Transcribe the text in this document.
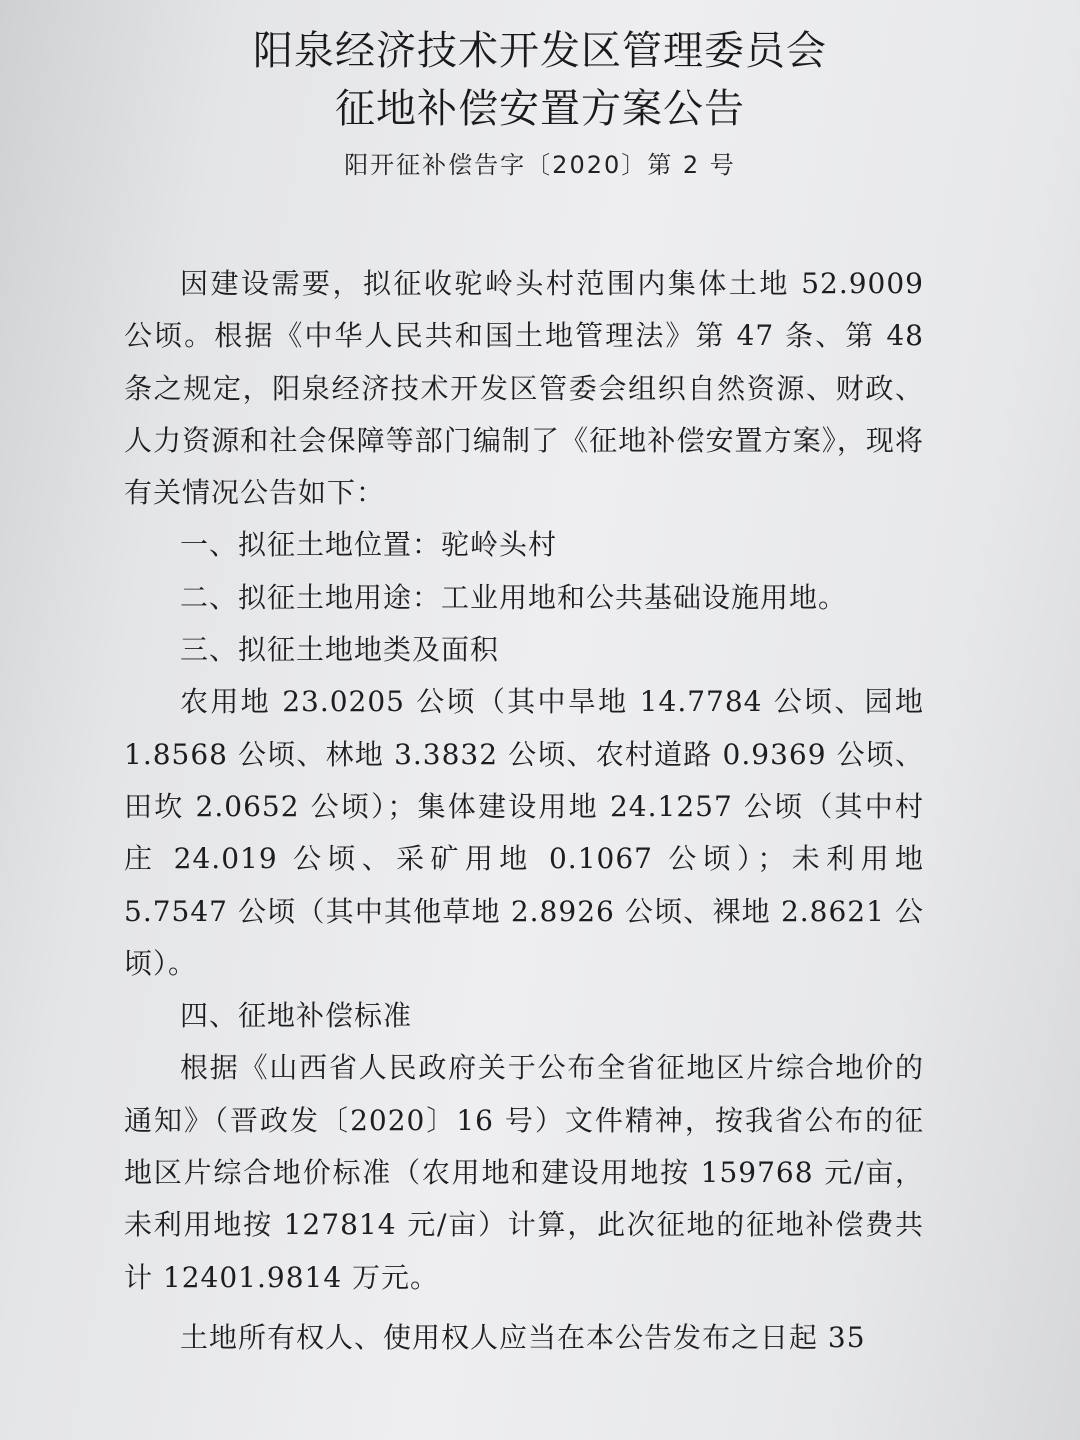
阳泉经济技术开发区管理委员会
征地补偿安置方案公告
阳开征补偿告字〔2020〕第 2 号

因建设需要，拟征收驼岭头村范围内集体土地 52.9009 公顷。根据《中华人民共和国土地管理法》第 47 条、第 48 条之规定，阳泉经济技术开发区管委会组织自然资源、财政、人力资源和社会保障等部门编制了《征地补偿安置方案》，现将有关情况公告如下：

一、拟征土地位置：驼岭头村

二、拟征土地用途：工业用地和公共基础设施用地。

三、拟征土地地类及面积

农用地 23.0205 公顷（其中旱地 14.7784 公顷、园地 1.8568 公顷、林地 3.3832 公顷、农村道路 0.9369 公顷、田坎 2.0652 公顷）；集体建设用地 24.1257 公顷（其中村庄 24.019 公顷、采矿用地 0.1067 公顷）；未利用地 5.7547 公顷（其中其他草地 2.8926 公顷、裸地 2.8621 公顷）。

四、征地补偿标准

根据《山西省人民政府关于公布全省征地区片综合地价的通知》（晋政发〔2020〕16 号）文件精神，按我省公布的征地区片综合地价标准（农用地和建设用地按 159768 元/亩，未利用地按 127814 元/亩）计算，此次征地的征地补偿费共计 12401.9814 万元。

土地所有权人、使用权人应当在本公告发布之日起 35
